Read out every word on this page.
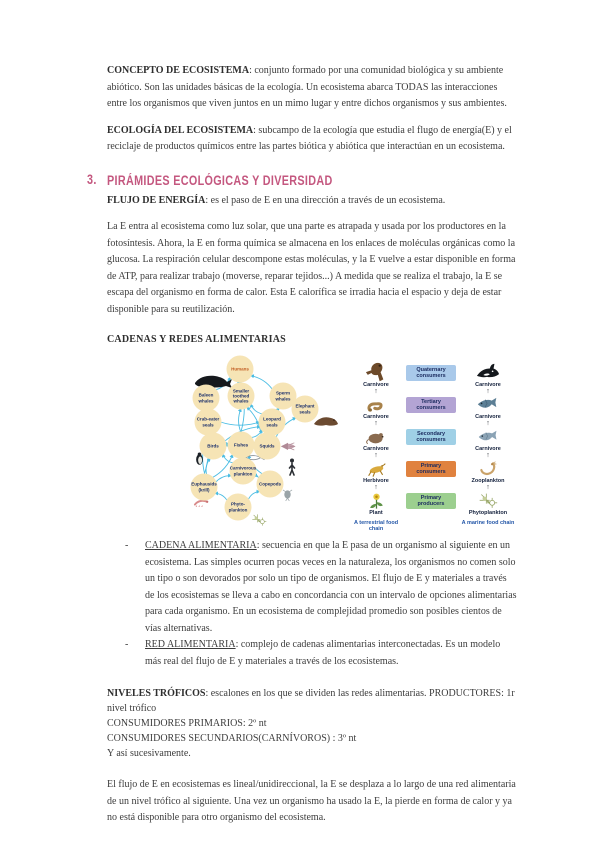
CONCEPTO DE ECOSISTEMA: conjunto formado por una comunidad biológica y su ambiente abiótico. Son las unidades básicas de la ecología. Un ecosistema abarca TODAS las interacciones entre los organismos que viven juntos en un mimo lugar y entre dichos organismos y sus ambientes.

ECOLOGÍA DEL ECOSISTEMA: subcampo de la ecología que estudia el flugo de energía(E) y el reciclaje de productos químicos entre las partes biótica y abiótica que interactúan en un ecosistema.

3. PIRÁMIDES ECOLÓGICAS Y DIVERSIDAD

FLUJO DE ENERGÍA: es el paso de E en una dirección a través de un ecosistema.

La E entra al ecosistema como luz solar, que una parte es atrapada y usada por los productores en la fotosíntesis. Ahora, la E en forma química se almacena en los enlaces de moléculas orgánicas como la glucosa. La respiración celular descompone estas moléculas, y la E vuelve a estar disponible en forma de ATP, para realizar trabajo (moverse, reparar tejidos...) A medida que se realiza el trabajo, la E se escapa del organismo en forma de calor. Esta E calorífica se irradia hacia el espacio y deja de estar disponible para su reutilización.

CADENAS Y REDES ALIMENTARIAS

Humans
Baleen whales
Smaller toothed whales
Sperm whales
Crab-eater seals
Leopard seals
Elephant seals
Birds	Fishes	Squids
Carnivorous plankton
Euphausids (krill)
Copepods
Phyto- plankton
Carnivore
Quaternary consumers
Carnivore
↑
Carnivore
Tertiary consumers
↑
Carnivore
↑
Carnivore
Secondary consumers
↑
Carnivore
↑
Herbivore
Primary consumers
↑
Zooplankton
↑
Plant
Primary producers
↑
Phytoplankton
A terrestrial food chain
A marine food chain
- CADENA ALIMENTARIA: secuencia en que la E pasa de un organismo al siguiente en un ecosistema. Las simples ocurren pocas veces en la naturaleza, los organismos no comen solo un tipo o son devorados por solo un tipo de organismos. El flujo de E y materiales a través de los ecosistemas se lleva a cabo en concordancia con un intervalo de opciones alimentarias para cada organismo. En un ecosistema de complejidad promedio son posibles cientos de vías alternativas.
- RED ALIMENTARIA: complejo de cadenas alimentarias interconectadas. Es un modelo más real del flujo de E y materiales a través de los ecosistemas.
NIVELES TRÓFICOS: escalones en los que se dividen las redes alimentarias. PRODUCTORES: 1r nivel trófico
CONSUMIDORES PRIMARIOS: 2º nt
CONSUMIDORES SECUNDARIOS(CARNÍVOROS) : 3º nt
Y así sucesivamente.

El flujo de E en ecosistemas es lineal/unidireccional, la E se desplaza a lo largo de una red alimentaria de un nivel trófico al siguiente. Una vez un organismo ha usado la E, la pierde en forma de calor y ya no está disponible para otro organismo del ecosistema.
